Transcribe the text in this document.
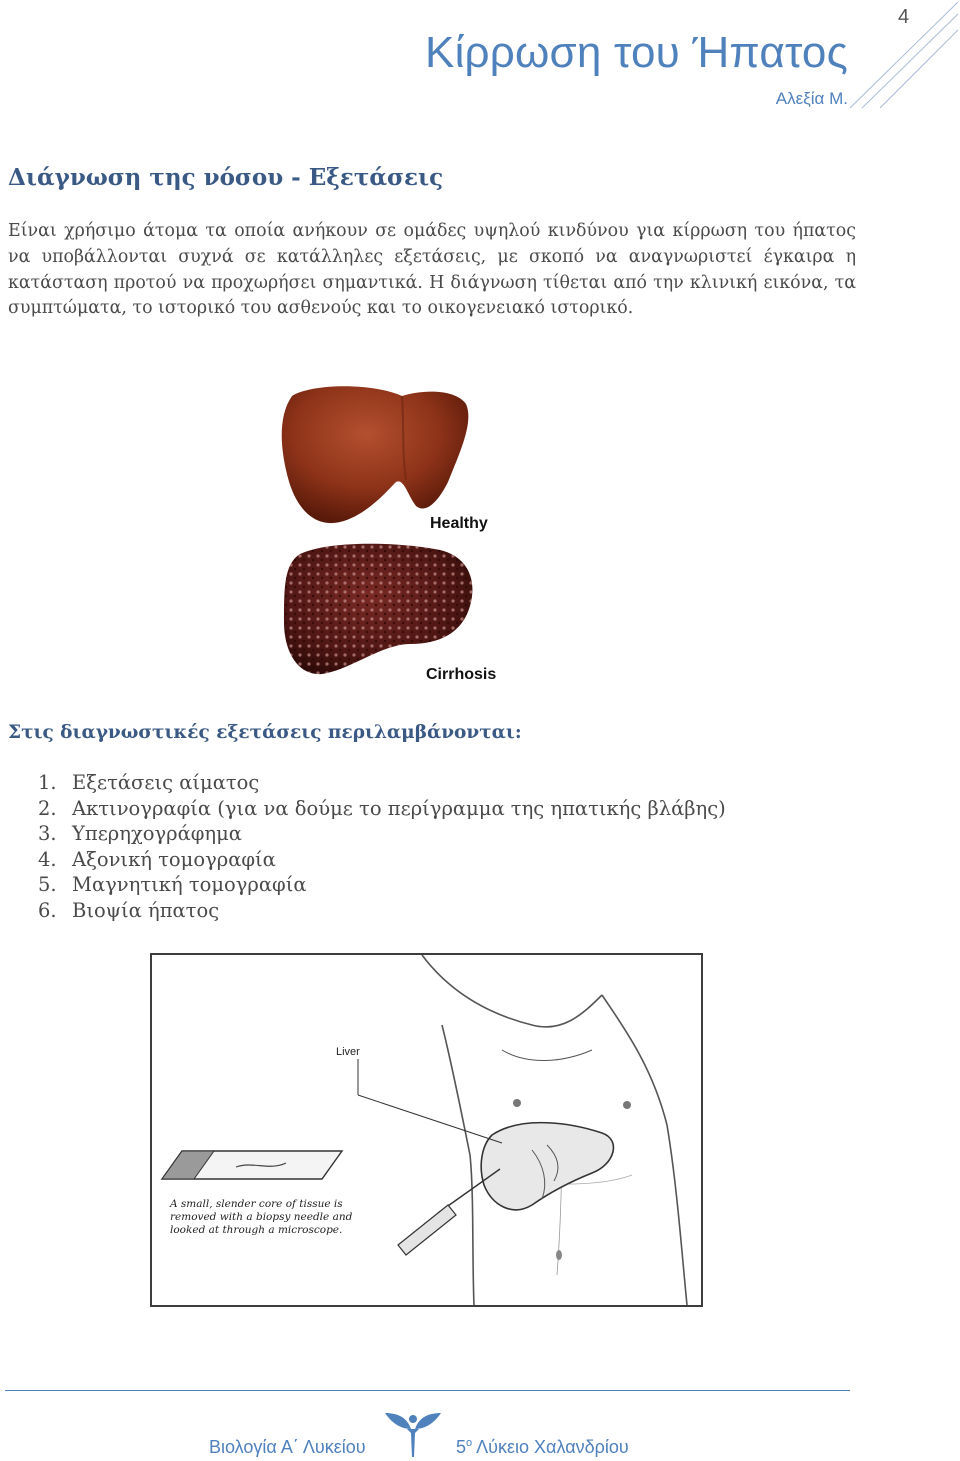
4
Κίρρωση του Ήπατος
Αλεξία Μ.
Διάγνωση της νόσου - Εξετάσεις

Είναι χρήσιμο άτομα τα οποία ανήκουν σε ομάδες υψηλού κινδύνου για κίρρωση του ήπατος να υποβάλλονται συχνά σε κατάλληλες εξετάσεις, με σκοπό να αναγνωριστεί έγκαιρα η κατάσταση προτού να προχωρήσει σημαντικά. Η διάγνωση τίθεται από την κλινική εικόνα, τα συμπτώματα, το ιστορικό του ασθενούς και το οικογενειακό ιστορικό.

Healthy
Cirrhosis
Στις διαγνωστικές εξετάσεις περιλαμβάνονται:
1. Εξετάσεις αίματος
2. Ακτινογραφία (για να δούμε το περίγραμμα της ηπατικής βλάβης)
3. Υπερηχογράφημα
4. Αξονική τομογραφία
5. Μαγνητική τομογραφία
6. Βιοψία ήπατος
Liver
A small, slender core of tissue is removed with a biopsy needle and looked at through a microscope.
Βιολογία Α΄ Λυκείου	$5^o$ Λύκειο Χαλανδρίου
